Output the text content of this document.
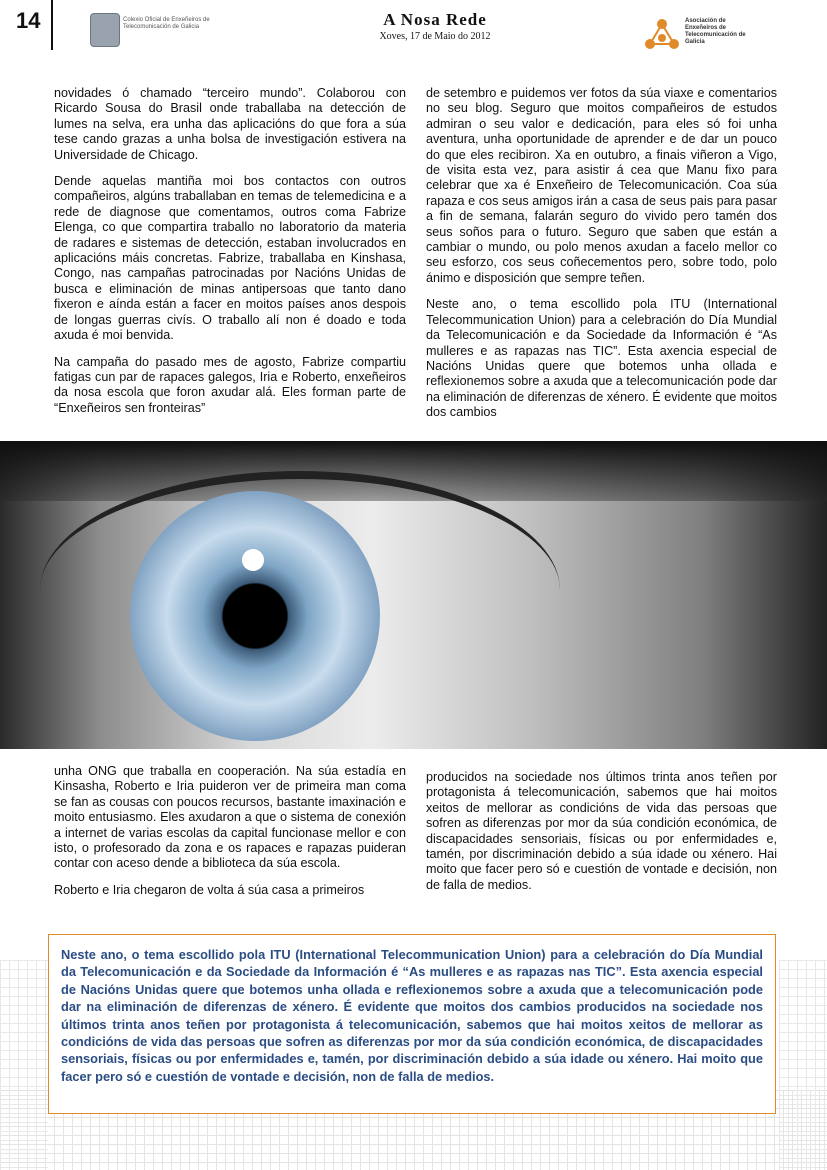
14	Colexio Oficial de Enxeñeiros de Telecomunicación de Galicia	A Nosa Rede
Xoves, 17 de Maio do 2012
Asociación de Enxeñeiros de Telecomunicación de Galicia

novidades ó chamado “terceiro mundo”. Colaborou con Ricardo Sousa do Brasil onde traballaba na detección de lumes na selva, era unha das aplicacións do que fora a súa tese cando grazas a unha bolsa de investigación estivera na Universidade de Chicago.

Dende aquelas mantiña moi bos contactos con outros compañeiros, algúns traballaban en temas de telemedicina e a rede de diagnose que comentamos, outros coma Fabrize Elenga, co que compartira traballo no laboratorio da materia de radares e sistemas de detección, estaban involucrados en aplicacións máis concretas. Fabrize, traballaba en Kinshasa, Congo, nas campañas patrocinadas por Nacións Unidas de busca e eliminación de minas antipersoas que tanto dano fixeron e aínda están a facer en moitos países anos despois de longas guerras civís. O traballo alí non é doado e toda axuda é moi benvida.

Na campaña do pasado mes de agosto, Fabrize compartiu fatigas cun par de rapaces galegos, Iria e Roberto, enxeñeiros da nosa escola que foron axudar alá. Eles forman parte de “Enxeñeiros sen fronteiras”

de setembro e puidemos ver fotos da súa viaxe e comentarios no seu blog. Seguro que moitos compañeiros de estudos admiran o seu valor e dedicación, para eles só foi unha aventura, unha oportunidade de aprender e de dar un pouco do que eles recibiron. Xa en outubro, a finais viñeron a Vigo, de visita esta vez, para asistir á cea que Manu fixo para celebrar que xa é Enxeñeiro de Telecomunicación. Coa súa rapaza e cos seus amigos irán a casa de seus pais para pasar a fin de semana, falarán seguro do vivido pero tamén dos seus soños para o futuro. Seguro que saben que están a cambiar o mundo, ou polo menos axudan a facelo mellor co seu esforzo, cos seus coñecementos pero, sobre todo, polo ánimo e disposición que sempre teñen.

Neste ano, o tema escollido pola ITU (International Telecommunication Union) para a celebración do Día Mundial da Telecomunicación e da Sociedade da Información é “As mulleres e as rapazas nas TIC”. Esta axencia especial de Nacións Unidas quere que botemos unha ollada e reflexionemos sobre a axuda que a telecomunicación pode dar na eliminación de diferenzas de xénero. É evidente que moitos dos cambios

unha ONG que traballa en cooperación. Na súa estadía en Kinsasha, Roberto e Iria puideron ver de primeira man coma se fan as cousas con poucos recursos, bastante imaxinación e moito entusiasmo. Eles axudaron a que o sistema de conexión a internet de varias escolas da capital funcionase mellor e con isto, o profesorado da zona e os rapaces e rapazas puideran contar con aceso dende a biblioteca da súa escola.

Roberto e Iria chegaron de volta á súa casa a primeiros

producidos na sociedade nos últimos trinta anos teñen por protagonista á telecomunicación, sabemos que hai moitos xeitos de mellorar as condicións de vida das persoas que sofren as diferenzas por mor da súa condición económica, de discapacidades sensoriais, físicas ou por enfermidades e, tamén, por discriminación debido a súa idade ou xénero. Hai moito que facer pero só e cuestión de vontade e decisión, non de falla de medios.

Neste ano, o tema escollido pola ITU (International Telecommunication Union) para a celebración do Día Mundial da Telecomunicación e da Sociedade da Información é “As mulleres e as rapazas nas TIC”. Esta axencia especial de Nacións Unidas quere que botemos unha ollada e reflexionemos sobre a axuda que a telecomunicación pode dar na eliminación de diferenzas de xénero. É evidente que moitos dos cambios producidos na sociedade nos últimos trinta anos teñen por protagonista á telecomunicación, sabemos que hai moitos xeitos de mellorar as condicións de vida das persoas que sofren as diferenzas por mor da súa condición económica, de discapacidades sensoriais, físicas ou por enfermidades e, tamén, por discriminación debido a súa idade ou xénero. Hai moito que facer pero só e cuestión de vontade e decisión, non de falla de medios.
